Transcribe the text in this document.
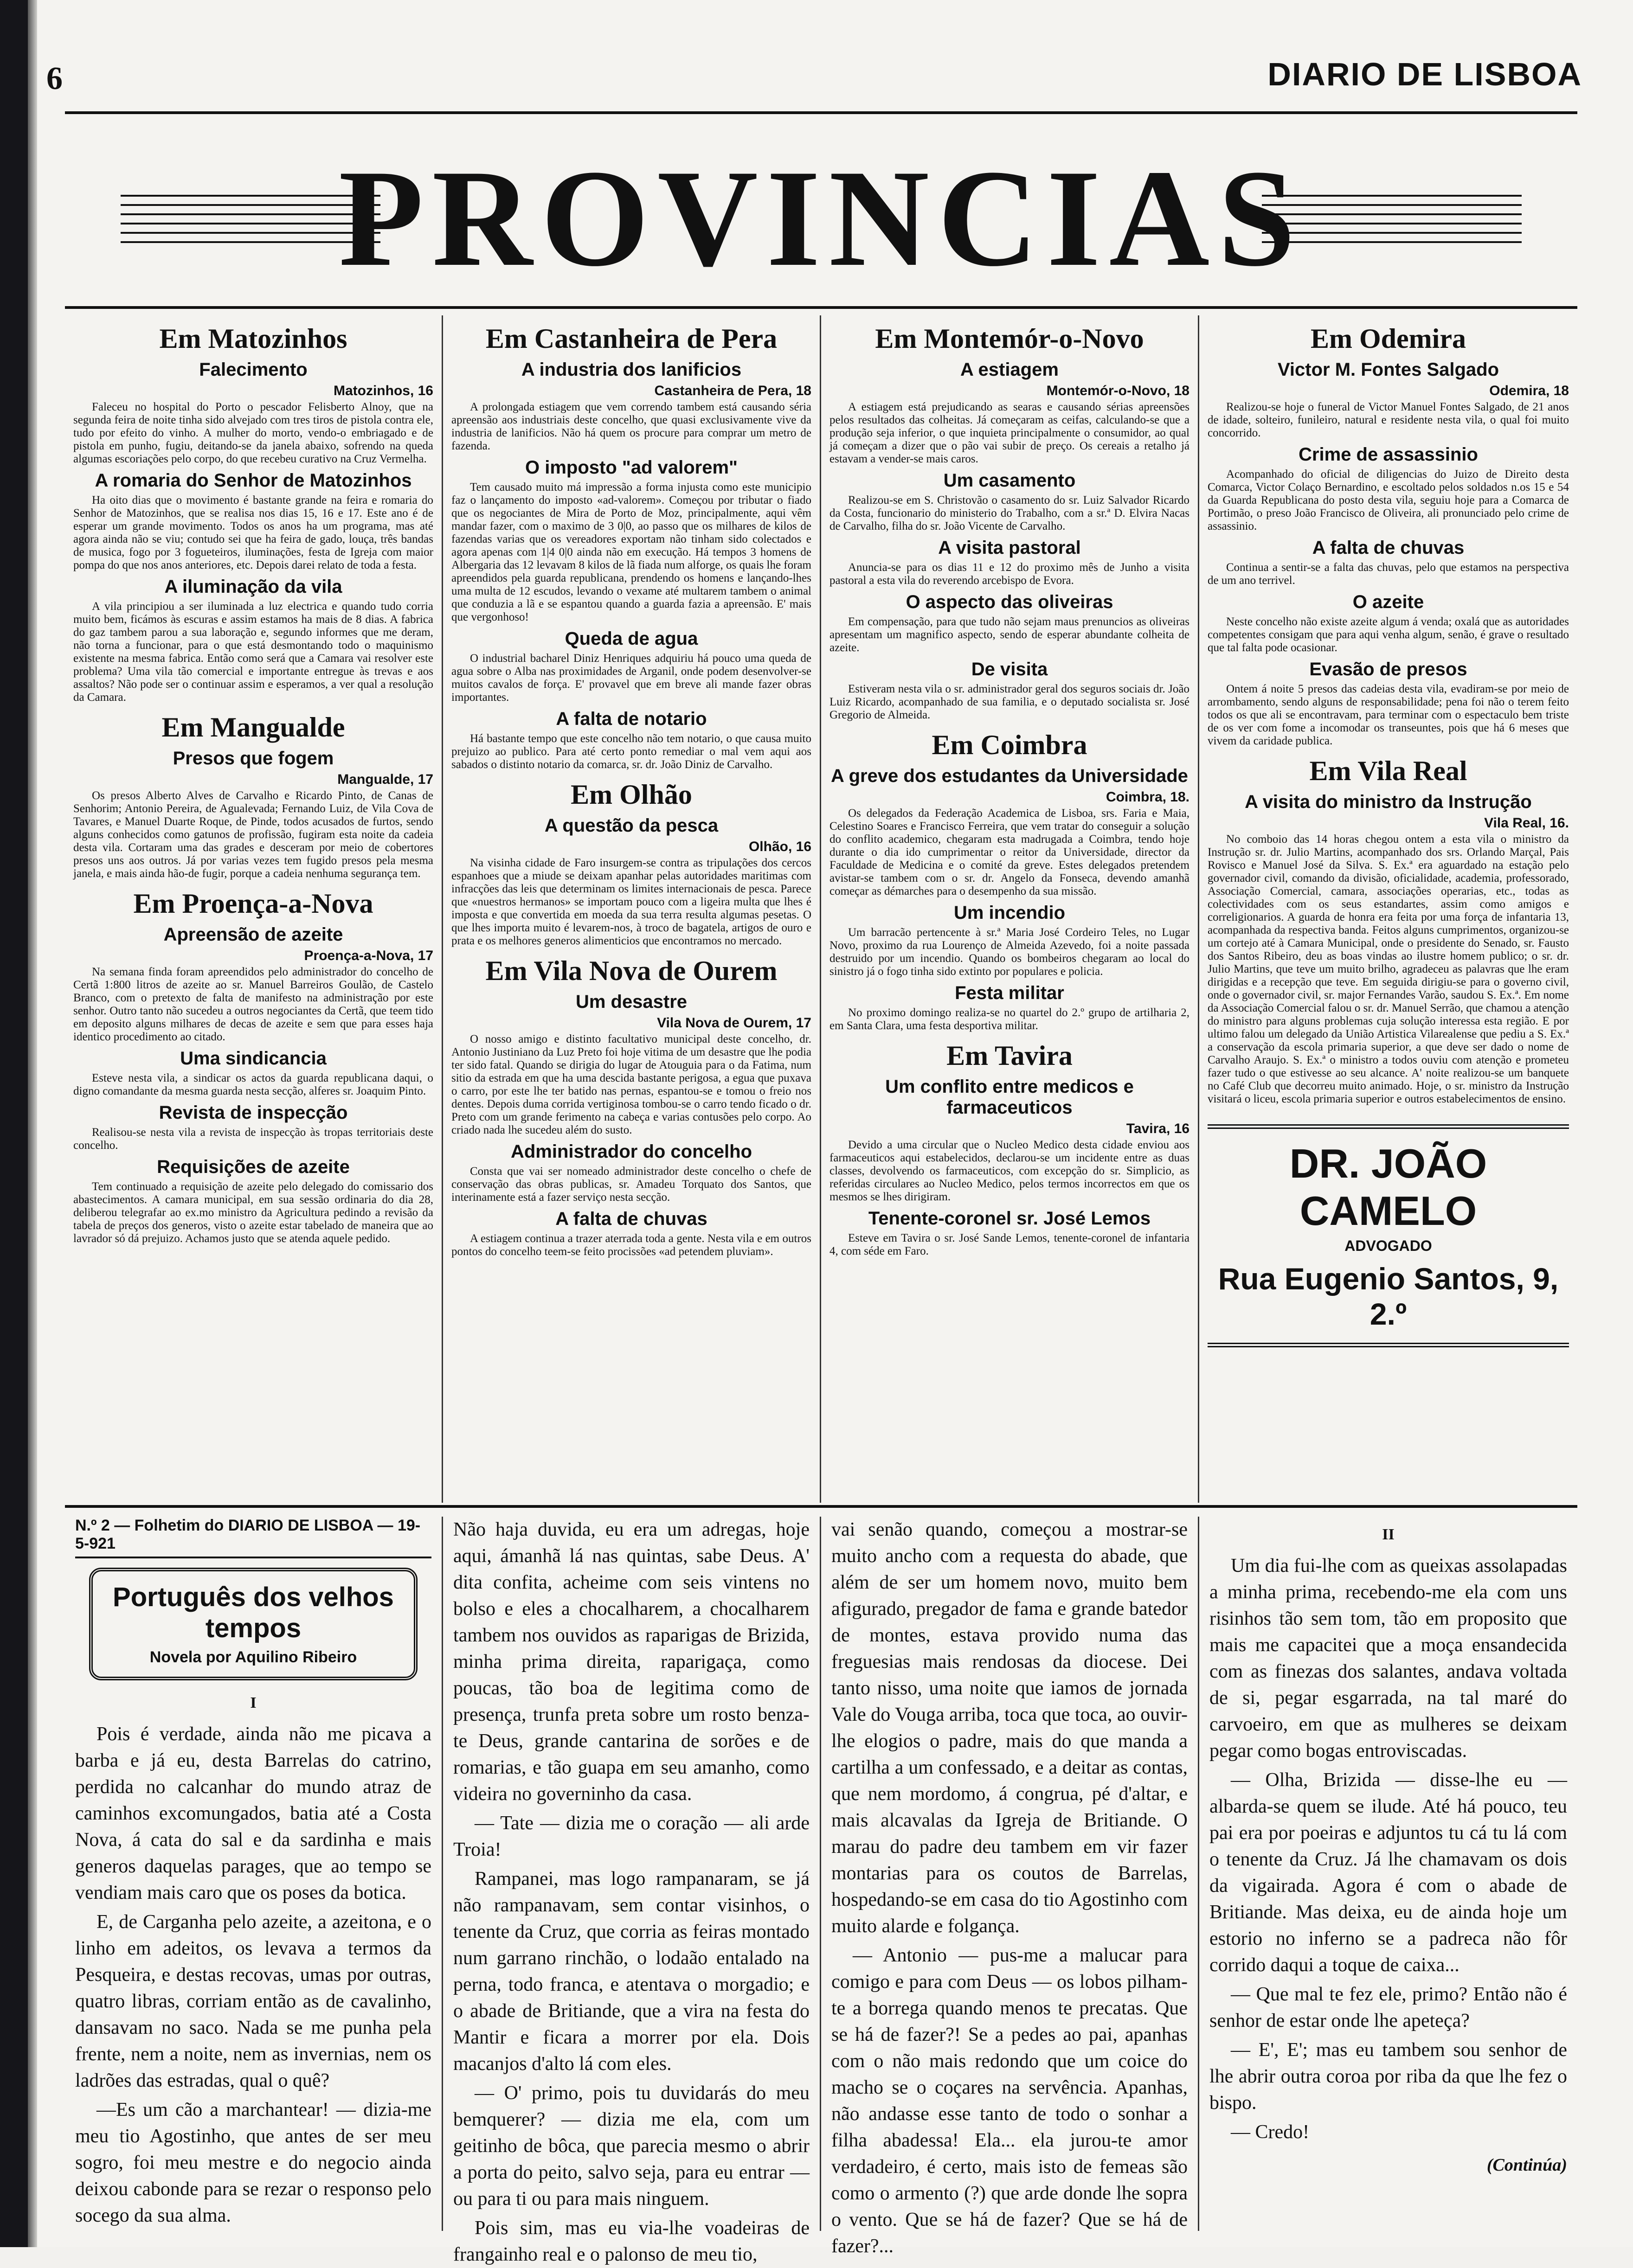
6	DIARIO DE LISBOA
PROVINCIAS
Em Matozinhos
Falecimento
Matozinhos, 16

Faleceu no hospital do Porto o pescador Felisberto Alnoy, que na segunda feira de noite tinha sido alvejado com tres tiros de pistola contra ele, tudo por efeito do vinho. A mulher do morto, vendo-o embriagado e de pistola em punho, fugiu, deitando-se da janela abaixo, sofrendo na queda algumas escoriações pelo corpo, do que recebeu curativo na Cruz Vermelha.

A romaria do Senhor de Matozinhos

Ha oito dias que o movimento é bastante grande na feira e romaria do Senhor de Matozinhos, que se realisa nos dias 15, 16 e 17. Este ano é de esperar um grande movimento. Todos os anos ha um programa, mas até agora ainda não se viu; contudo sei que ha feira de gado, louça, três bandas de musica, fogo por 3 fogueteiros, iluminações, festa de Igreja com maior pompa do que nos anos anteriores, etc. Depois darei relato de toda a festa.

A iluminação da vila

A vila principiou a ser iluminada a luz electrica e quando tudo corria muito bem, ficámos às escuras e assim estamos ha mais de 8 dias. A fabrica do gaz tambem parou a sua laboração e, segundo informes que me deram, não torna a funcionar, para o que está desmontando todo o maquinismo existente na mesma fabrica. Então como será que a Camara vai resolver este problema? Uma vila tão comercial e importante entregue às trevas e aos assaltos? Não pode ser o continuar assim e esperamos, a ver qual a resolução da Camara.

Em Mangualde
Presos que fogem
Mangualde, 17

Os presos Alberto Alves de Carvalho e Ricardo Pinto, de Canas de Senhorim; Antonio Pereira, de Agualevada; Fernando Luiz, de Vila Cova de Tavares, e Manuel Duarte Roque, de Pinde, todos acusados de furtos, sendo alguns conhecidos como gatunos de profissão, fugiram esta noite da cadeia desta vila. Cortaram uma das grades e desceram por meio de cobertores presos uns aos outros. Já por varias vezes tem fugido presos pela mesma janela, e mais ainda hão-de fugir, porque a cadeia nenhuma segurança tem.

Em Proença-a-Nova
Apreensão de azeite
Proença-a-Nova, 17

Na semana finda foram apreendidos pelo administrador do concelho de Certã 1:800 litros de azeite ao sr. Manuel Barreiros Goulão, de Castelo Branco, com o pretexto de falta de manifesto na administração por este senhor. Outro tanto não sucedeu a outros negociantes da Certã, que teem tido em deposito alguns milhares de decas de azeite e sem que para esses haja identico procedimento ao citado.

Uma sindicancia

Esteve nesta vila, a sindicar os actos da guarda republicana daqui, o digno comandante da mesma guarda nesta secção, alferes sr. Joaquim Pinto.

Revista de inspecção

Realisou-se nesta vila a revista de inspecção às tropas territoriais deste concelho.

Requisições de azeite

Tem continuado a requisição de azeite pelo delegado do comissario dos abastecimentos. A camara municipal, em sua sessão ordinaria do dia 28, deliberou telegrafar ao ex.mo ministro da Agricultura pedindo a revisão da tabela de preços dos generos, visto o azeite estar tabelado de maneira que ao lavrador só dá prejuizo. Achamos justo que se atenda aquele pedido.

Em Castanheira de Pera
A industria dos lanificios
Castanheira de Pera, 18

A prolongada estiagem que vem correndo tambem está causando séria apreensão aos industriais deste concelho, que quasi exclusivamente vive da industria de lanificios. Não há quem os procure para comprar um metro de fazenda.

O imposto "ad valorem"

Tem causado muito má impressão a forma injusta como este municipio faz o lançamento do imposto «ad-valorem». Começou por tributar o fiado que os negociantes de Mira de Porto de Moz, principalmente, aqui vêm mandar fazer, com o maximo de 3 0|0, ao passo que os milhares de kilos de fazendas varias que os vereadores exportam não tinham sido colectados e agora apenas com 1|4 0|0 ainda não em execução. Há tempos 3 homens de Albergaria das 12 levavam 8 kilos de lã fiada num alforge, os quais lhe foram apreendidos pela guarda republicana, prendendo os homens e lançando-lhes uma multa de 12 escudos, levando o vexame até multarem tambem o animal que conduzia a lã e se espantou quando a guarda fazia a apreensão. E' mais que vergonhoso!

Queda de agua

O industrial bacharel Diniz Henriques adquiriu há pouco uma queda de agua sobre o Alba nas proximidades de Arganil, onde podem desenvolver-se muitos cavalos de força. E' provavel que em breve ali mande fazer obras importantes.

A falta de notario

Há bastante tempo que este concelho não tem notario, o que causa muito prejuizo ao publico. Para até certo ponto remediar o mal vem aqui aos sabados o distinto notario da comarca, sr. dr. João Diniz de Carvalho.

Em Olhão
A questão da pesca
Olhão, 16

Na visinha cidade de Faro insurgem-se contra as tripulações dos cercos espanhoes que a miude se deixam apanhar pelas autoridades maritimas com infracções das leis que determinam os limites internacionais de pesca. Parece que «nuestros hermanos» se importam pouco com a ligeira multa que lhes é imposta e que convertida em moeda da sua terra resulta algumas pesetas. O que lhes importa muito é levarem-nos, à troco de bagatela, artigos de ouro e prata e os melhores generos alimenticios que encontramos no mercado.

Em Vila Nova de Ourem
Um desastre
Vila Nova de Ourem, 17

O nosso amigo e distinto facultativo municipal deste concelho, dr. Antonio Justiniano da Luz Preto foi hoje vitima de um desastre que lhe podia ter sido fatal. Quando se dirigia do lugar de Atouguia para o da Fatima, num sitio da estrada em que ha uma descida bastante perigosa, a egua que puxava o carro, por este lhe ter batido nas pernas, espantou-se e tomou o freio nos dentes. Depois duma corrida vertiginosa tombou-se o carro tendo ficado o dr. Preto com um grande ferimento na cabeça e varias contusões pelo corpo. Ao criado nada lhe sucedeu além do susto.

Administrador do concelho

Consta que vai ser nomeado administrador deste concelho o chefe de conservação das obras publicas, sr. Amadeu Torquato dos Santos, que interinamente está a fazer serviço nesta secção.

A falta de chuvas

A estiagem continua a trazer aterrada toda a gente. Nesta vila e em outros pontos do concelho teem-se feito procissões «ad petendem pluviam».

Em Montemór-o-Novo
A estiagem
Montemór-o-Novo, 18

A estiagem está prejudicando as searas e causando sérias apreensões pelos resultados das colheitas. Já começaram as ceifas, calculando-se que a produção seja inferior, o que inquieta principalmente o consumidor, ao qual já começam a dizer que o pão vai subir de preço. Os cereais a retalho já estavam a vender-se mais caros.

Um casamento

Realizou-se em S. Christovão o casamento do sr. Luiz Salvador Ricardo da Costa, funcionario do ministerio do Trabalho, com a sr.ª D. Elvira Nacas de Carvalho, filha do sr. João Vicente de Carvalho.

A visita pastoral

Anuncia-se para os dias 11 e 12 do proximo mês de Junho a visita pastoral a esta vila do reverendo arcebispo de Evora.

O aspecto das oliveiras

Em compensação, para que tudo não sejam maus prenuncios as oliveiras apresentam um magnifico aspecto, sendo de esperar abundante colheita de azeite.

De visita

Estiveram nesta vila o sr. administrador geral dos seguros sociais dr. João Luiz Ricardo, acompanhado de sua familia, e o deputado socialista sr. José Gregorio de Almeida.

Em Coimbra
A greve dos estudantes da Universidade
Coimbra, 18.

Os delegados da Federação Academica de Lisboa, srs. Faria e Maia, Celestino Soares e Francisco Ferreira, que vem tratar do conseguir a solução do conflito academico, chegaram esta madrugada a Coimbra, tendo hoje durante o dia ido cumprimentar o reitor da Universidade, director da Faculdade de Medicina e o comité da greve. Estes delegados pretendem avistar-se tambem com o sr. dr. Angelo da Fonseca, devendo amanhã começar as démarches para o desempenho da sua missão.

Um incendio

Um barracão pertencente à sr.ª Maria José Cordeiro Teles, no Lugar Novo, proximo da rua Lourenço de Almeida Azevedo, foi a noite passada destruido por um incendio. Quando os bombeiros chegaram ao local do sinistro já o fogo tinha sido extinto por populares e policia.

Festa militar

No proximo domingo realiza-se no quartel do 2.º grupo de artilharia 2, em Santa Clara, uma festa desportiva militar.

Em Tavira
Um conflito entre medicos e farmaceuticos
Tavira, 16

Devido a uma circular que o Nucleo Medico desta cidade enviou aos farmaceuticos aqui estabelecidos, declarou-se um incidente entre as duas classes, devolvendo os farmaceuticos, com excepção do sr. Simplicio, as referidas circulares ao Nucleo Medico, pelos termos incorrectos em que os mesmos se lhes dirigiram.

Tenente-coronel sr. José Lemos

Esteve em Tavira o sr. José Sande Lemos, tenente-coronel de infantaria 4, com séde em Faro.

Em Odemira
Victor M. Fontes Salgado
Odemira, 18

Realizou-se hoje o funeral de Victor Manuel Fontes Salgado, de 21 anos de idade, solteiro, funileiro, natural e residente nesta vila, o qual foi muito concorrido.

Crime de assassinio

Acompanhado do oficial de diligencias do Juizo de Direito desta Comarca, Victor Colaço Bernardino, e escoltado pelos soldados n.os 15 e 54 da Guarda Republicana do posto desta vila, seguiu hoje para a Comarca de Portimão, o preso João Francisco de Oliveira, ali pronunciado pelo crime de assassinio.

A falta de chuvas

Continua a sentir-se a falta das chuvas, pelo que estamos na perspectiva de um ano terrivel.

O azeite

Neste concelho não existe azeite algum á venda; oxalá que as autoridades competentes consigam que para aqui venha algum, senão, é grave o resultado que tal falta pode ocasionar.

Evasão de presos

Ontem á noite 5 presos das cadeias desta vila, evadiram-se por meio de arrombamento, sendo alguns de responsabilidade; pena foi não o terem feito todos os que ali se encontravam, para terminar com o espectaculo bem triste de os ver com fome a incomodar os transeuntes, pois que há 6 meses que vivem da caridade publica.

Em Vila Real
A visita do ministro da Instrução
Vila Real, 16.

No comboio das 14 horas chegou ontem a esta vila o ministro da Instrução sr. dr. Julio Martins, acompanhado dos srs. Orlando Marçal, Pais Rovisco e Manuel José da Silva. S. Ex.ª era aguardado na estação pelo governador civil, comando da divisão, oficialidade, academia, professorado, Associação Comercial, camara, associações operarias, etc., todas as colectividades com os seus estandartes, assim como amigos e correligionarios. A guarda de honra era feita por uma força de infantaria 13, acompanhada da respectiva banda. Feitos alguns cumprimentos, organizou-se um cortejo até à Camara Municipal, onde o presidente do Senado, sr. Fausto dos Santos Ribeiro, deu as boas vindas ao ilustre homem publico; o sr. dr. Julio Martins, que teve um muito brilho, agradeceu as palavras que lhe eram dirigidas e a recepção que teve. Em seguida dirigiu-se para o governo civil, onde o governador civil, sr. major Fernandes Varão, saudou S. Ex.ª. Em nome da Associação Comercial falou o sr. dr. Manuel Serrão, que chamou a atenção do ministro para alguns problemas cuja solução interessa esta região. E por ultimo falou um delegado da União Artistica Vilarealense que pediu a S. Ex.ª a conservação da escola primaria superior, a que deve ser dado o nome de Carvalho Araujo. S. Ex.ª o ministro a todos ouviu com atenção e prometeu fazer tudo o que estivesse ao seu alcance. A' noite realizou-se um banquete no Café Club que decorreu muito animado. Hoje, o sr. ministro da Instrução visitará o liceu, escola primaria superior e outros estabelecimentos de ensino.

DR. JOÃO CAMELO
ADVOGADO
Rua Eugenio Santos, 9, 2.º
N.º 2 — Folhetim do DIARIO DE LISBOA — 19-5-921
Português dos velhos tempos
Novela por Aquilino Ribeiro
I

Pois é verdade, ainda não me picava a barba e já eu, desta Barrelas do catrino, perdida no calcanhar do mundo atraz de caminhos excomungados, batia até a Costa Nova, á cata do sal e da sardinha e mais generos daquelas parages, que ao tempo se vendiam mais caro que os poses da botica.

E, de Carganha pelo azeite, a azeitona, e o linho em adeitos, os levava a termos da Pesqueira, e destas recovas, umas por outras, quatro libras, corriam então as de cavalinho, dansavam no saco. Nada se me punha pela frente, nem a noite, nem as invernias, nem os ladrões das estradas, qual o quê?

—Es um cão a marchantear! — dizia-me meu tio Agostinho, que antes de ser meu sogro, foi meu mestre e do negocio ainda deixou cabonde para se rezar o responso pelo socego da sua alma.

Não haja duvida, eu era um adregas, hoje aqui, ámanhã lá nas quintas, sabe Deus. A' dita confita, acheime com seis vintens no bolso e eles a chocalharem, a chocalharem tambem nos ouvidos as raparigas de Brizida, minha prima direita, raparigaça, como poucas, tão boa de legitima como de presença, trunfa preta sobre um rosto benza-te Deus, grande cantarina de sorões e de romarias, e tão guapa em seu amanho, como videira no governinho da casa.

— Tate — dizia me o coração — ali arde Troia!

Rampanei, mas logo rampanaram, se já não rampanavam, sem contar visinhos, o tenente da Cruz, que corria as feiras montado num garrano rinchão, o lodaão entalado na perna, todo franca, e atentava o morgadio; e o abade de Britiande, que a vira na festa do Mantir e ficara a morrer por ela. Dois macanjos d'alto lá com eles.

— O' primo, pois tu duvidarás do meu bemquerer? — dizia me ela, com um geitinho de bôca, que parecia mesmo o abrir a porta do peito, salvo seja, para eu entrar — ou para ti ou para mais ninguem.

Pois sim, mas eu via-lhe voadeiras de frangainho real e o palonso de meu tio,

vai senão quando, começou a mostrar-se muito ancho com a requesta do abade, que além de ser um homem novo, muito bem afigurado, pregador de fama e grande batedor de montes, estava provido numa das freguesias mais rendosas da diocese. Dei tanto nisso, uma noite que iamos de jornada Vale do Vouga arriba, toca que toca, ao ouvir-lhe elogios o padre, mais do que manda a cartilha a um confessado, e a deitar as contas, que nem mordomo, á congrua, pé d'altar, e mais alcavalas da Igreja de Britiande. O marau do padre deu tambem em vir fazer montarias para os coutos de Barrelas, hospedando-se em casa do tio Agostinho com muito alarde e folgança.

— Antonio — pus-me a malucar para comigo e para com Deus — os lobos pilham-te a borrega quando menos te precatas. Que se há de fazer?! Se a pedes ao pai, apanhas com o não mais redondo que um coice do macho se o coçares na servência. Apanhas, não andasse esse tanto de todo o sonhar a filha abadessa! Ela... ela jurou-te amor verdadeiro, é certo, mais isto de femeas são como o armento (?) que arde donde lhe sopra o vento. Que se há de fazer? Que se há de fazer?...

II

Um dia fui-lhe com as queixas assolapadas a minha prima, recebendo-me ela com uns risinhos tão sem tom, tão em proposito que mais me capacitei que a moça ensandecida com as finezas dos salantes, andava voltada de si, pegar esgarrada, na tal maré do carvoeiro, em que as mulheres se deixam pegar como bogas entroviscadas.

— Olha, Brizida — disse-lhe eu — albarda-se quem se ilude. Até há pouco, teu pai era por poeiras e adjuntos tu cá tu lá com o tenente da Cruz. Já lhe chamavam os dois da vigairada. Agora é com o abade de Britiande. Mas deixa, eu de ainda hoje um estorio no inferno se a padreca não fôr corrido daqui a toque de caixa...

— Que mal te fez ele, primo? Então não é senhor de estar onde lhe apeteça?

— E', E'; mas eu tambem sou senhor de lhe abrir outra coroa por riba da que lhe fez o bispo.

— Credo!

(Continúa)
